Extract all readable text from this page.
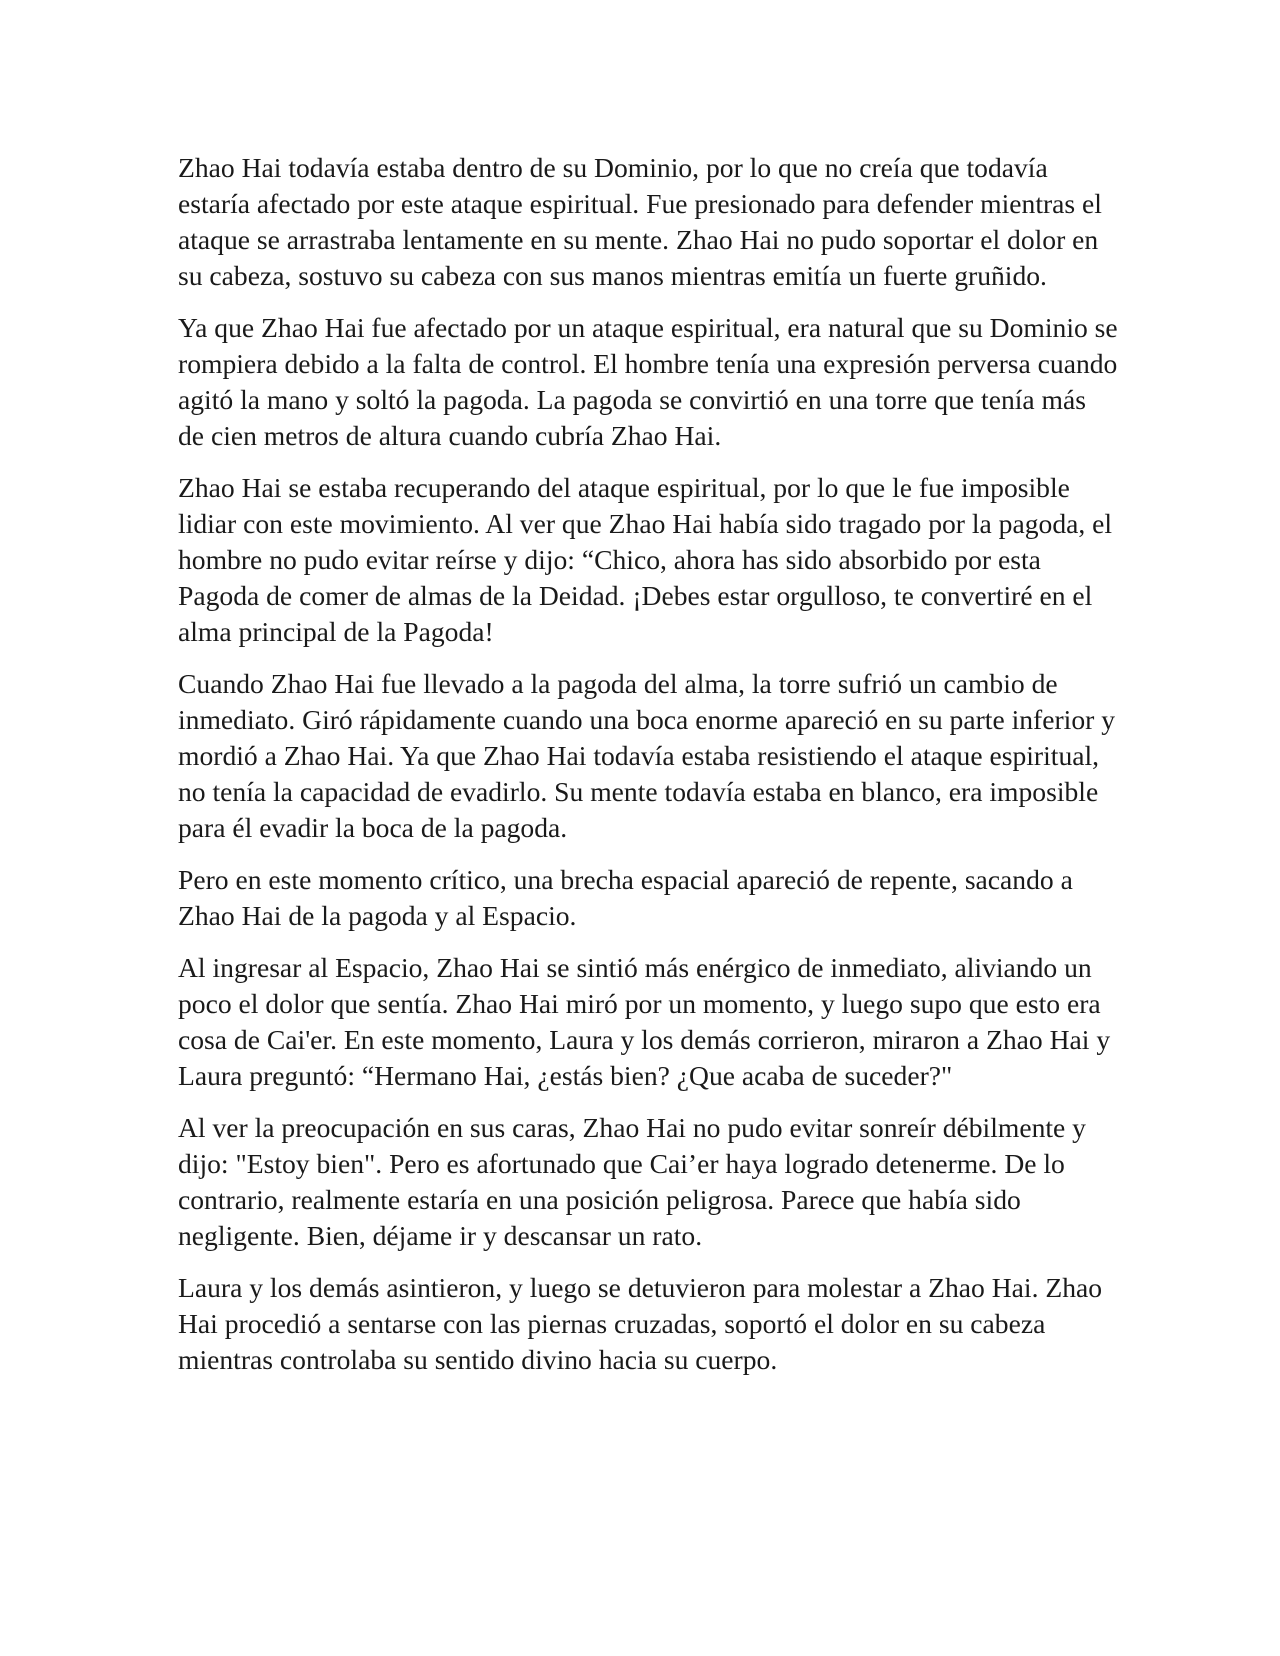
Zhao Hai todavía estaba dentro de su Dominio, por lo que no creía que todavía estaría afectado por este ataque espiritual. Fue presionado para defender mientras el ataque se arrastraba lentamente en su mente. Zhao Hai no pudo soportar el dolor en su cabeza, sostuvo su cabeza con sus manos mientras emitía un fuerte gruñido.

Ya que Zhao Hai fue afectado por un ataque espiritual, era natural que su Dominio se rompiera debido a la falta de control. El hombre tenía una expresión perversa cuando agitó la mano y soltó la pagoda. La pagoda se convirtió en una torre que tenía más de cien metros de altura cuando cubría Zhao Hai.

Zhao Hai se estaba recuperando del ataque espiritual, por lo que le fue imposible lidiar con este movimiento. Al ver que Zhao Hai había sido tragado por la pagoda, el hombre no pudo evitar reírse y dijo: “Chico, ahora has sido absorbido por esta Pagoda de comer de almas de la Deidad. ¡Debes estar orgulloso, te convertiré en el alma principal de la Pagoda!

Cuando Zhao Hai fue llevado a la pagoda del alma, la torre sufrió un cambio de inmediato. Giró rápidamente cuando una boca enorme apareció en su parte inferior y mordió a Zhao Hai. Ya que Zhao Hai todavía estaba resistiendo el ataque espiritual, no tenía la capacidad de evadirlo. Su mente todavía estaba en blanco, era imposible para él evadir la boca de la pagoda.

Pero en este momento crítico, una brecha espacial apareció de repente, sacando a Zhao Hai de la pagoda y al Espacio.

Al ingresar al Espacio, Zhao Hai se sintió más enérgico de inmediato, aliviando un poco el dolor que sentía. Zhao Hai miró por un momento, y luego supo que esto era cosa de Cai'er. En este momento, Laura y los demás corrieron, miraron a Zhao Hai y Laura preguntó: “Hermano Hai, ¿estás bien? ¿Que acaba de suceder?"

Al ver la preocupación en sus caras, Zhao Hai no pudo evitar sonreír débilmente y dijo: "Estoy bien". Pero es afortunado que Cai’er haya logrado detenerme. De lo contrario, realmente estaría en una posición peligrosa. Parece que había sido negligente. Bien, déjame ir y descansar un rato.

Laura y los demás asintieron, y luego se detuvieron para molestar a Zhao Hai. Zhao Hai procedió a sentarse con las piernas cruzadas, soportó el dolor en su cabeza mientras controlaba su sentido divino hacia su cuerpo.
